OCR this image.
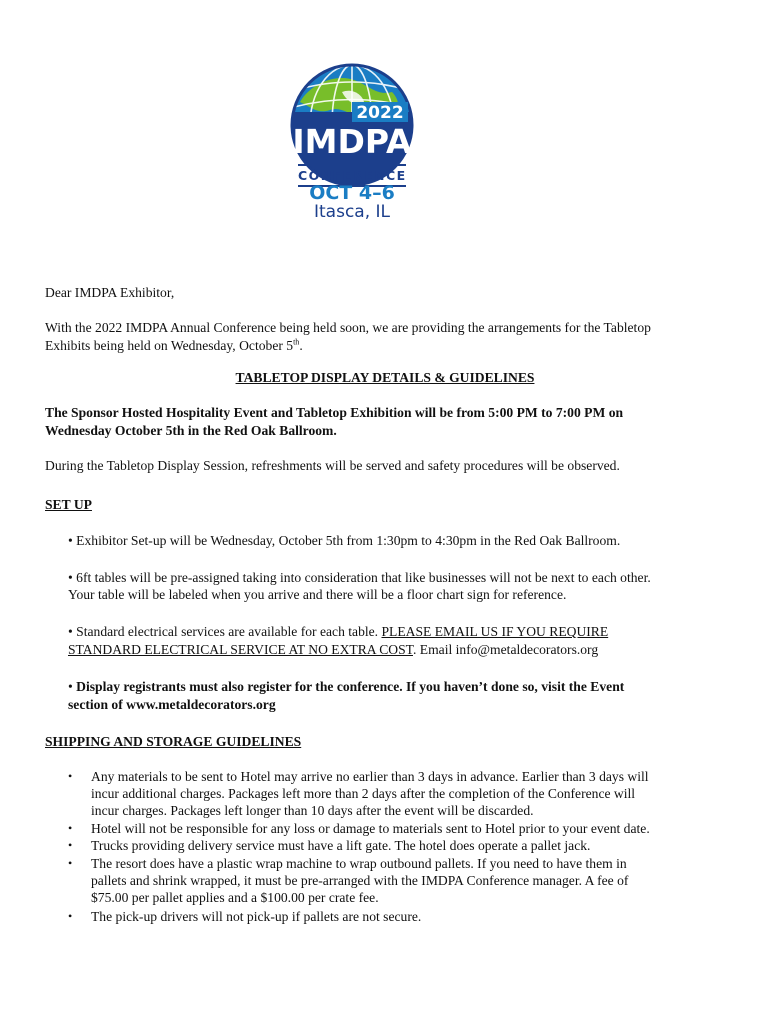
2022
IMDPA
CONFERENCE
OCT 4–6
Itasca, IL
Dear IMDPA Exhibitor,
With the 2022 IMDPA Annual Conference being held soon, we are providing the arrangements for the Tabletop
Exhibits being held on Wednesday, October 5th.
TABLETOP DISPLAY DETAILS & GUIDELINES
The Sponsor Hosted Hospitality Event and Tabletop Exhibition will be from 5:00 PM to 7:00 PM on
Wednesday October 5th in the Red Oak Ballroom.
During the Tabletop Display Session, refreshments will be served and safety procedures will be observed.
SET UP
• Exhibitor Set-up will be Wednesday, October 5th from 1:30pm to 4:30pm in the Red Oak Ballroom.
• 6ft tables will be pre-assigned taking into consideration that like businesses will not be next to each other.
Your table will be labeled when you arrive and there will be a floor chart sign for reference.
• Standard electrical services are available for each table. PLEASE EMAIL US IF YOU REQUIRE
STANDARD ELECTRICAL SERVICE AT NO EXTRA COST. Email info@metaldecorators.org
• Display registrants must also register for the conference. If you haven’t done so, visit the Event
section of www.metaldecorators.org
SHIPPING AND STORAGE GUIDELINES
• Any materials to be sent to Hotel may arrive no earlier than 3 days in advance. Earlier than 3 days will
incur additional charges. Packages left more than 2 days after the completion of the Conference will
incur charges. Packages left longer than 10 days after the event will be discarded.
• Hotel will not be responsible for any loss or damage to materials sent to Hotel prior to your event date.
• Trucks providing delivery service must have a lift gate. The hotel does operate a pallet jack.
• The resort does have a plastic wrap machine to wrap outbound pallets. If you need to have them in
pallets and shrink wrapped, it must be pre-arranged with the IMDPA Conference manager. A fee of
$75.00 per pallet applies and a $100.00 per crate fee.
• The pick-up drivers will not pick-up if pallets are not secure.
